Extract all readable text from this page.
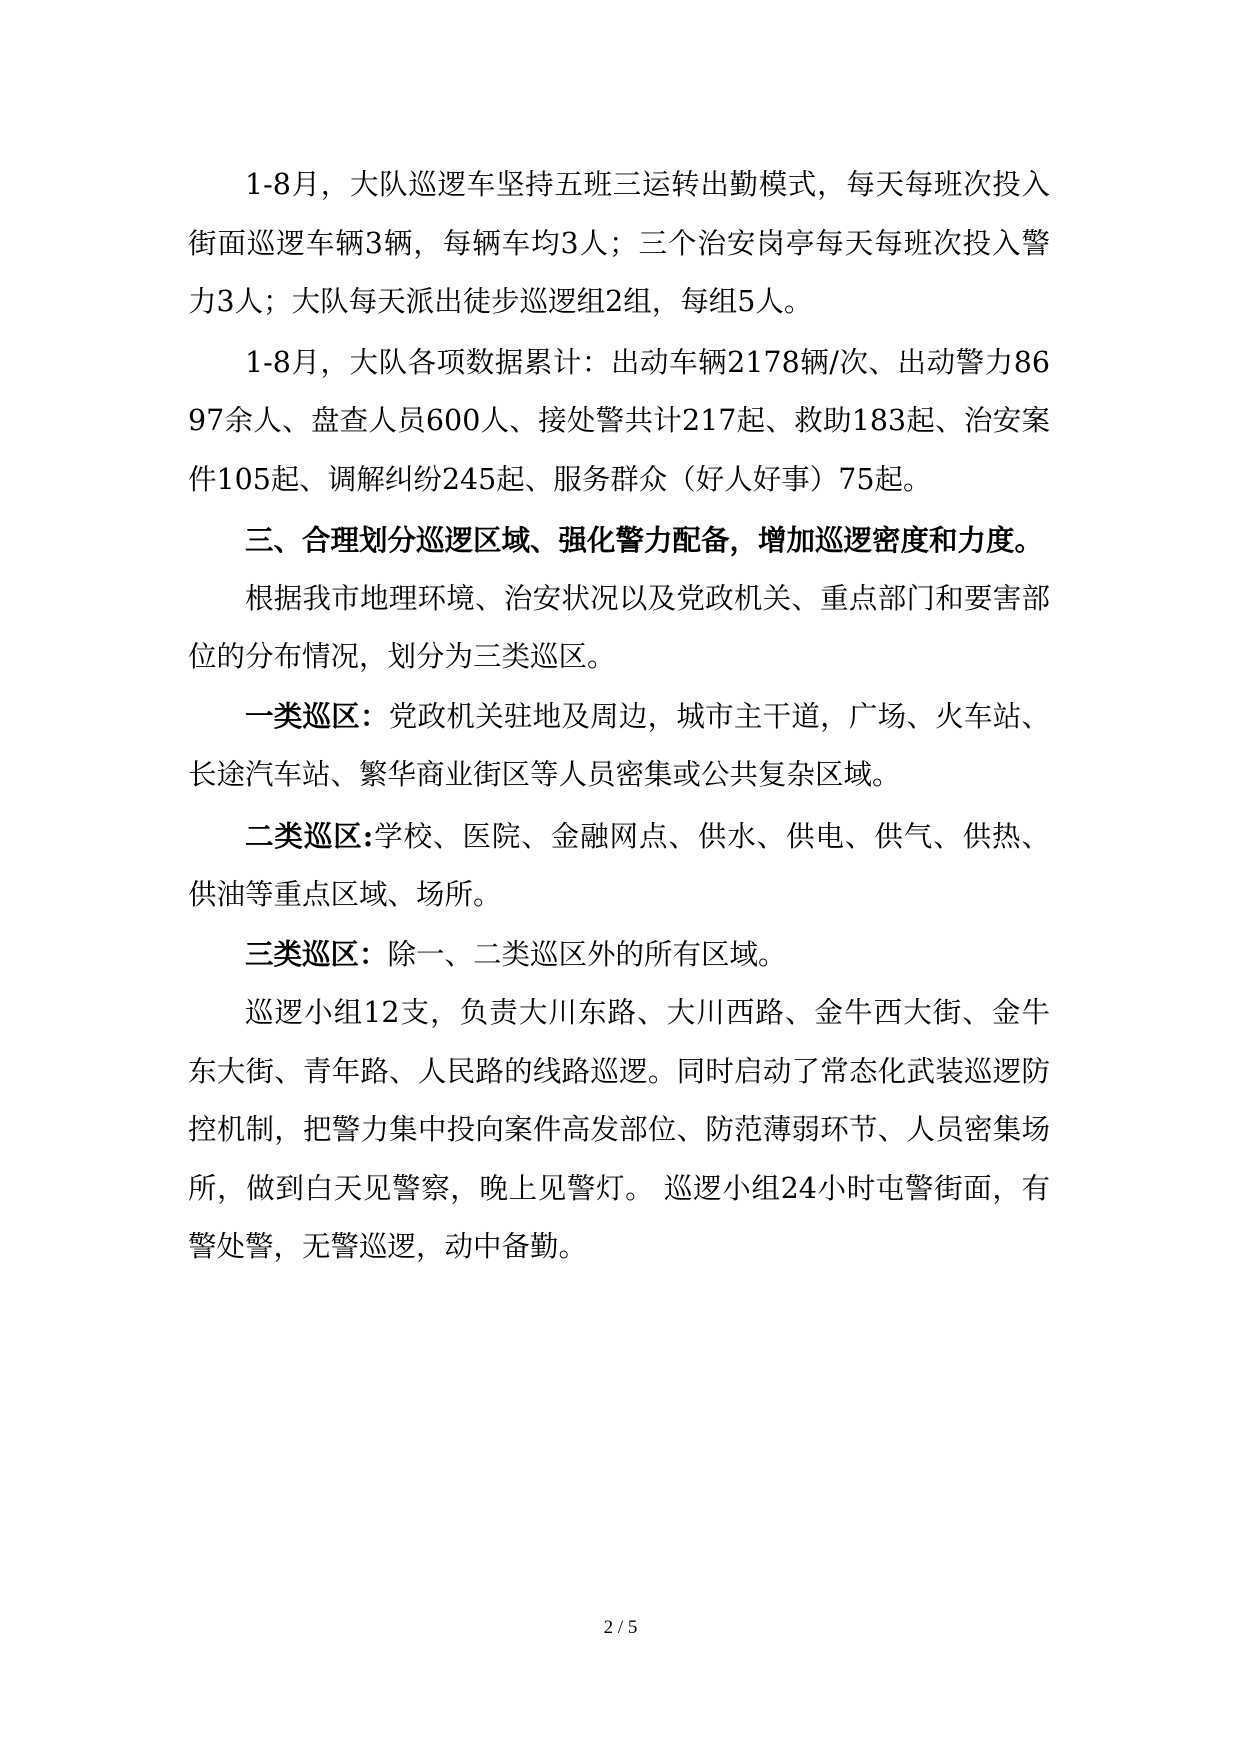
1-8月，大队巡逻车坚持五班三运转出勤模式，每天每班次投入街面巡逻车辆3辆，每辆车均3人；三个治安岗亭每天每班次投入警力3人；大队每天派出徒步巡逻组2组，每组5人。

1-8月，大队各项数据累计：出动车辆2178辆/次、出动警力8697余人、盘查人员600人、接处警共计217起、救助183起、治安案件105起、调解纠纷245起、服务群众（好人好事）75起。

三、合理划分巡逻区域、强化警力配备，增加巡逻密度和力度。

根据我市地理环境、治安状况以及党政机关、重点部门和要害部位的分布情况，划分为三类巡区。

一类巡区：党政机关驻地及周边，城市主干道，广场、火车站、长途汽车站、繁华商业街区等人员密集或公共复杂区域。

二类巡区:学校、医院、金融网点、供水、供电、供气、供热、供油等重点区域、场所。

三类巡区：除一、二类巡区外的所有区域。

巡逻小组12支，负责大川东路、大川西路、金牛西大街、金牛东大街、青年路、人民路的线路巡逻。同时启动了常态化武装巡逻防控机制，把警力集中投向案件高发部位、防范薄弱环节、人员密集场所，做到白天见警察，晚上见警灯。 巡逻小组24小时屯警街面，有警处警，无警巡逻，动中备勤。

2 / 5
